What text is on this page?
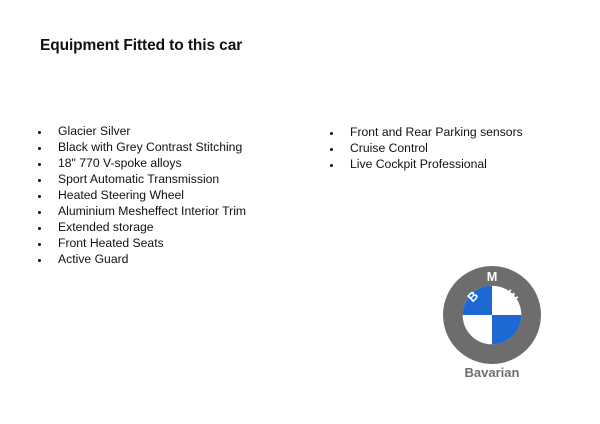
Equipment Fitted to this car
Glacier Silver
Black with Grey Contrast Stitching
18" 770 V-spoke alloys
Sport Automatic Transmission
Heated Steering Wheel
Aluminium Mesheffect Interior Trim
Extended storage
Front Heated Seats
Active Guard
Front and Rear Parking sensors
Cruise Control
Live Cockpit Professional
B
M
W
Bavarian
